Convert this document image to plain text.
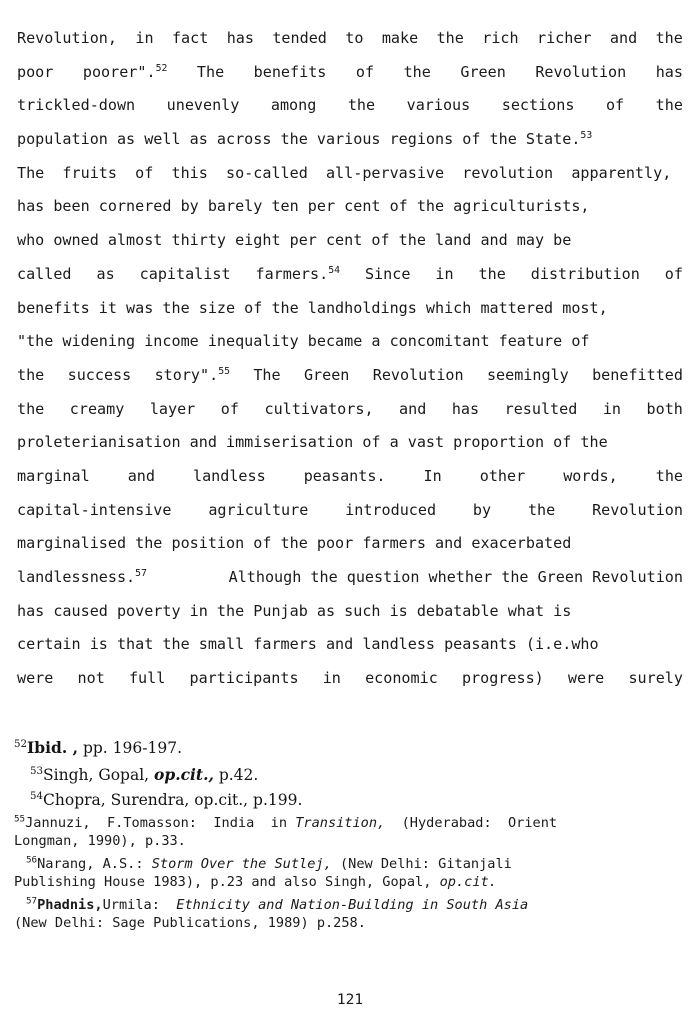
Revolution, in fact has tended to make the rich richer and the
poor poorer".$^{52}$ The benefits of the Green Revolution has
trickled-down unevenly among the various sections of the
population as well as across the various regions of the State.$^{53}$
The  fruits  of  this  so-called  all-pervasive  revolution  apparently,
has been cornered by barely ten per cent of the agriculturists,
who owned almost thirty eight per cent of the land and may be
called as capitalist farmers.$^{54}$ Since in the distribution of
benefits it was the size of the landholdings which mattered most,
"the widening income inequality became a concomitant feature of
the success story".$^{55}$ The Green Revolution seemingly benefitted
the creamy layer of cultivators, and has resulted in both
proleterianisation and immiserisation of a vast proportion of the
marginal	and	landless	peasants.	In	other	words,	the
capital-intensive agriculture introduced by the Revolution
marginalised the position of the poor farmers and exacerbated
landlessness.$^{57}$	Although the question whether the Green Revolution
has caused poverty in the Punjab as such is debatable what is
certain is that the small farmers and landless peasants (i.e.who
were not full participants in economic progress) were surely
$^{52}$Ibid. , pp. 196-197.
$^{53}$Singh, Gopal, op.cit., p.42.
$^{54}$Chopra, Surendra, op.cit., p.199.
$^{55}$Jannuzi,  F.Tomasson:  India  in Transition,  (Hyderabad:  Orient
Longman, 1990), p.33.
$^{56}$Narang, A.S.: Storm Over the Sutlej, (New Delhi: Gitanjali
Publishing House 1983), p.23 and also Singh, Gopal, op.cit.
$^{57}$Phadnis,Urmila:  Ethnicity and Nation-Building in South Asia
(New Delhi: Sage Publications, 1989) p.258.
121
